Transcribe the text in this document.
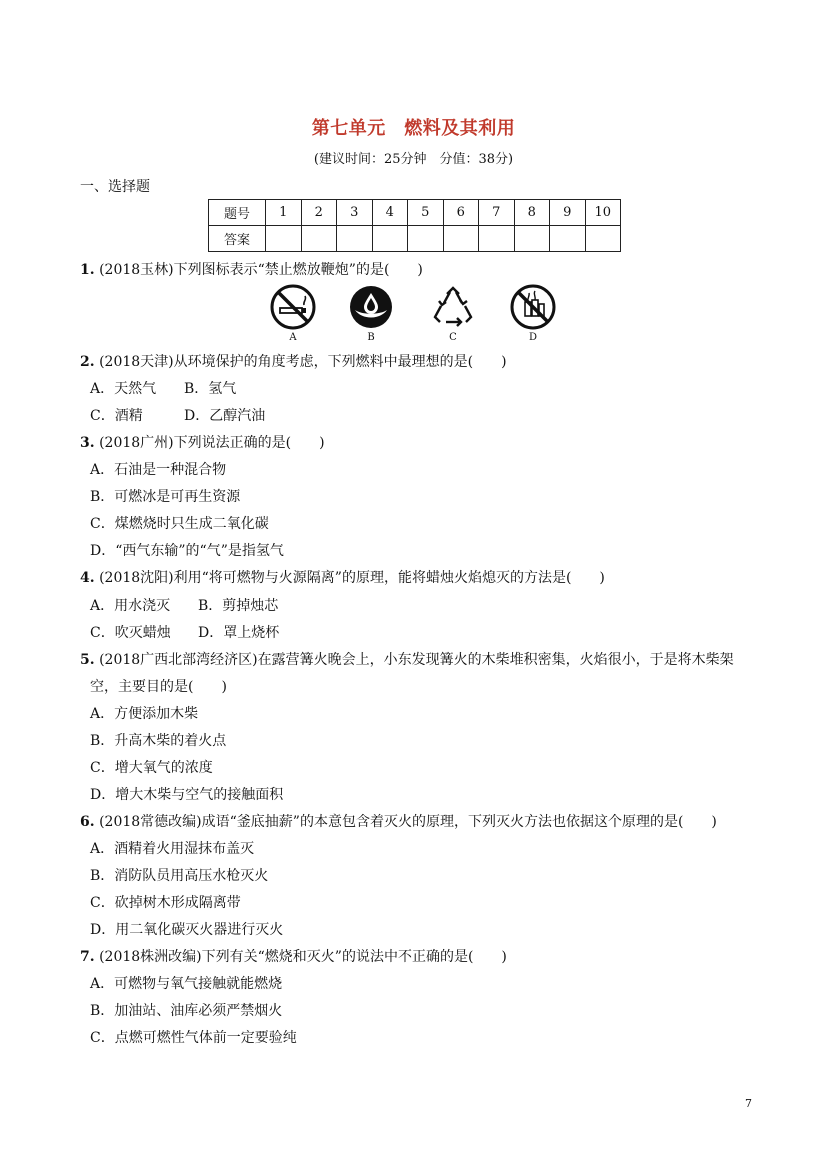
第七单元　燃料及其利用
(建议时间：25分钟　分值：38分)
一、选择题
题号	1	2	3	4	5	6	7	8	9	10
答案										
1. (2018玉林)下列图标表示“禁止燃放鞭炮”的是(　　)
A	B	C	D
2. (2018天津)从环境保护的角度考虑，下列燃料中最理想的是(　　)
A．天然气 B．氢气
C．酒精	D．乙醇汽油
3. (2018广州)下列说法正确的是(　　)
A．石油是一种混合物
B．可燃冰是可再生资源
C．煤燃烧时只生成二氧化碳
D．“西气东输”的“气”是指氢气
4. (2018沈阳)利用“将可燃物与火源隔离”的原理，能将蜡烛火焰熄灭的方法是(　　)
A．用水浇灭 B．剪掉烛芯
C．吹灭蜡烛 D．罩上烧杯
5. (2018广西北部湾经济区)在露营篝火晚会上，小东发现篝火的木柴堆积密集，火焰很小，于是将木柴架
空，主要目的是(　　)
A．方便添加木柴
B．升高木柴的着火点
C．增大氧气的浓度
D．增大木柴与空气的接触面积
6. (2018常德改编)成语“釜底抽薪”的本意包含着灭火的原理，下列灭火方法也依据这个原理的是(　　)
A．酒精着火用湿抹布盖灭
B．消防队员用高压水枪灭火
C．砍掉树木形成隔离带
D．用二氧化碳灭火器进行灭火
7. (2018株洲改编)下列有关“燃烧和灭火”的说法中不正确的是(　　)
A．可燃物与氧气接触就能燃烧
B．加油站、油库必须严禁烟火
C．点燃可燃性气体前一定要验纯
7
